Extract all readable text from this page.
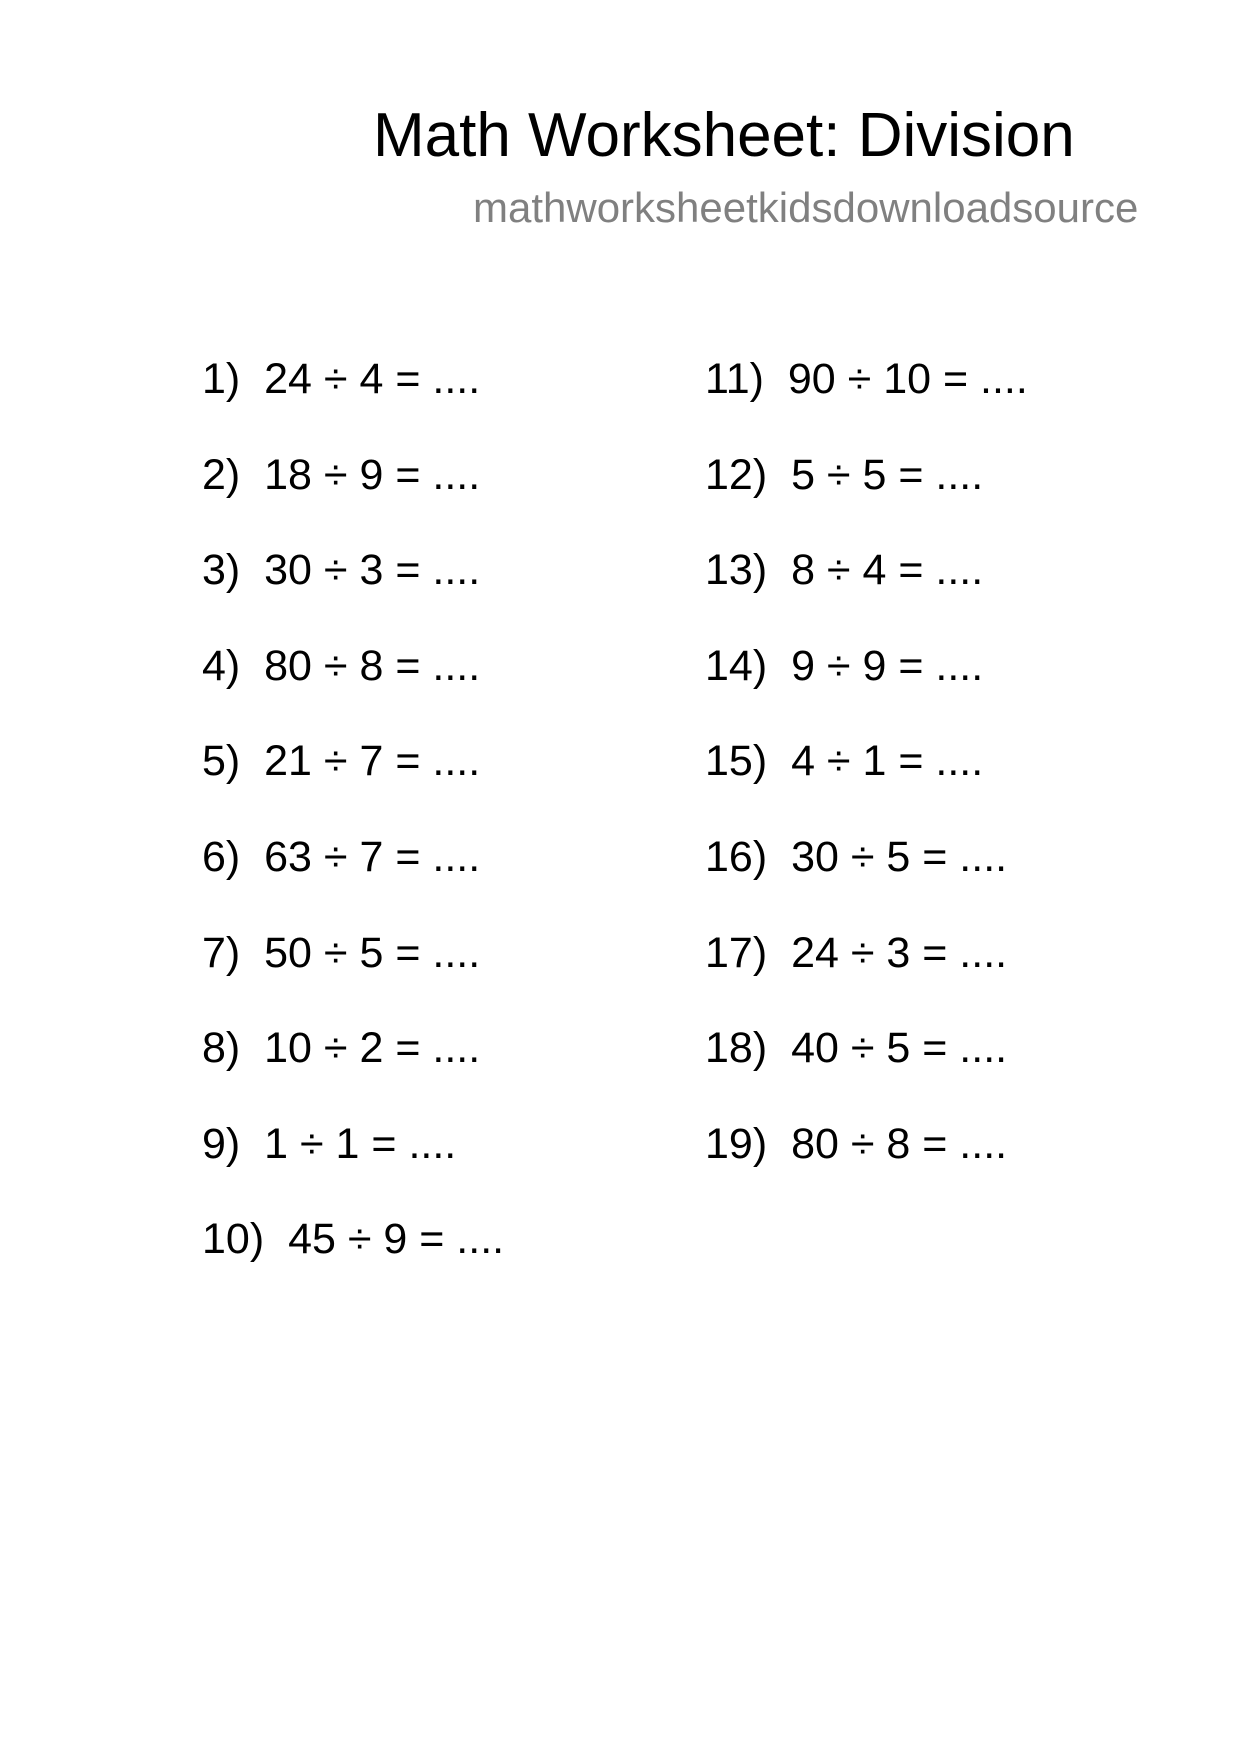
Math Worksheet: Division
mathworksheetkidsdownloadsource
1) 24 ÷ 4 = ....
2) 18 ÷ 9 = ....
3) 30 ÷ 3 = ....
4) 80 ÷ 8 = ....
5) 21 ÷ 7 = ....
6) 63 ÷ 7 = ....
7) 50 ÷ 5 = ....
8) 10 ÷ 2 = ....
9) 1 ÷ 1 = ....
10) 45 ÷ 9 = ....
11) 90 ÷ 10 = ....
12) 5 ÷ 5 = ....
13) 8 ÷ 4 = ....
14) 9 ÷ 9 = ....
15) 4 ÷ 1 = ....
16) 30 ÷ 5 = ....
17) 24 ÷ 3 = ....
18) 40 ÷ 5 = ....
19) 80 ÷ 8 = ....
